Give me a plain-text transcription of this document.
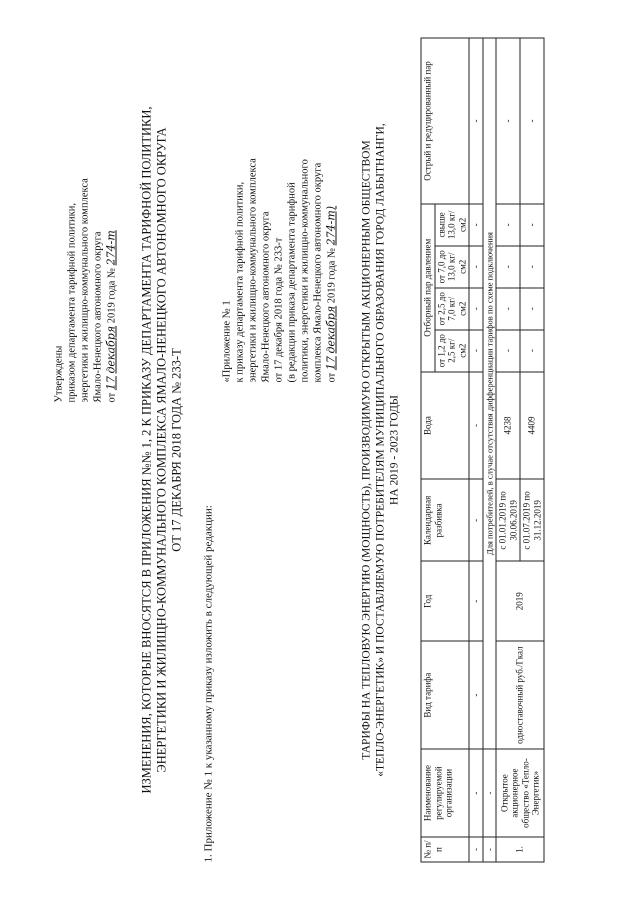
Утверждены приказом департамента тарифной политики, энергетики и жилищно-коммунального комплекса Ямало-Ненецкого автономного округа от 17 декабря 2019 года № 274-т ИЗМЕНЕНИЯ, КОТОРЫЕ ВНОСЯТСЯ В ПРИЛОЖЕНИЯ №№ 1, 2 К ПРИКАЗУ ДЕПАРТАМЕНТА ТАРИФНОЙ ПОЛИТИКИ, ЭНЕРГЕТИКИ И ЖИЛИЩНО-КОММУНАЛЬНОГО КОМПЛЕКСА ЯМАЛО-НЕНЕЦКОГО АВТОНОМНОГО ОКРУГА ОТ 17 ДЕКАБРЯ 2018 ГОДА № 233-Т
1. Приложение № 1 к указанному приказу изложить в следующей редакции:
«Приложение № 1 к приказу департамента тарифной политики, энергетики и жилищно-коммунального комплекса Ямало-Ненецкого автономного округа от 17 декабря 2018 года № 233-т (в редакции приказа департамента тарифной политики, энергетики и жилищно-коммунального комплекса Ямало-Ненецкого автономного округа от 17 декабря 2019 года № 274-т) ТАРИФЫ НА ТЕПЛОВУЮ ЭНЕРГИЮ (МОЩНОСТЬ), ПРОИЗВОДИМУЮ ОТКРЫТЫМ АКЦИОНЕРНЫМ ОБЩЕСТВОМ «ТЕПЛО-ЭНЕРГЕТИК» И ПОСТАВЛЯЕМУЮ ПОТРЕБИТЕЛЯМ МУНИЦИПАЛЬНОГО ОБРАЗОВАНИЯ ГОРОД ЛАБЫТНАНГИ, НА 2019 - 2023 ГОДЫ
№ п/п	Наименование регулируемой организации	Вид тарифа	Год	Календарная разбивка	Вода	Отборный пар давлением				Острый и редуцированный пар
						от 1,2 до 2,5 кг/см2	от 2,5 до 7,0 кг/см2	от 7,0 до 13,0 кг/см2	свыше 13,0 кг/см2	
-	-	-	-	-	-	-	-	-	-	-
-	-	Для потребителей, в случае отсутствия дифференциации тарифов по схеме подключения								
1.	Открытое акционерное общество «Тепло-Энергетик»	одноставочный руб./Гкал	2019	с 01.01.2019 по 30.06.2019	4238	-	-	-	-	-
				с 01.07.2019 по 31.12.2019	4409	-	-	-	-	-
